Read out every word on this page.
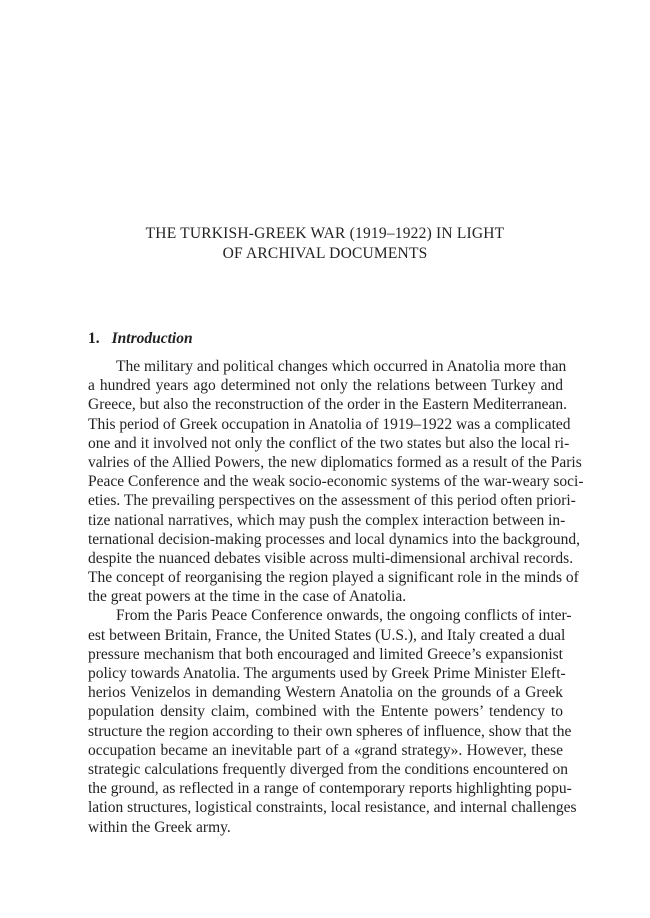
THE TURKISH-GREEK WAR (1919–1922) IN LIGHT
OF ARCHIVAL DOCUMENTS
1. Introduction
The military and political changes which occurred in Anatolia more than
a hundred years ago determined not only the relations between Turkey and
Greece, but also the reconstruction of the order in the Eastern Mediterranean.
This period of Greek occupation in Anatolia of 1919–1922 was a complicated
one and it involved not only the conflict of the two states but also the local ri-
valries of the Allied Powers, the new diplomatics formed as a result of the Paris
Peace Conference and the weak socio-economic systems of the war-weary soci-
eties. The prevailing perspectives on the assessment of this period often priori-
tize national narratives, which may push the complex interaction between in-
ternational decision-making processes and local dynamics into the background,
despite the nuanced debates visible across multi-dimensional archival records.
The concept of reorganising the region played a significant role in the minds of
the great powers at the time in the case of Anatolia.
From the Paris Peace Conference onwards, the ongoing conflicts of inter-
est between Britain, France, the United States (U.S.), and Italy created a dual
pressure mechanism that both encouraged and limited Greece’s expansionist
policy towards Anatolia. The arguments used by Greek Prime Minister Eleft-
herios Venizelos in demanding Western Anatolia on the grounds of a Greek
population density claim, combined with the Entente powers’ tendency to
structure the region according to their own spheres of influence, show that the
occupation became an inevitable part of a «grand strategy». However, these
strategic calculations frequently diverged from the conditions encountered on
the ground, as reflected in a range of contemporary reports highlighting popu-
lation structures, logistical constraints, local resistance, and internal challenges
within the Greek army.
